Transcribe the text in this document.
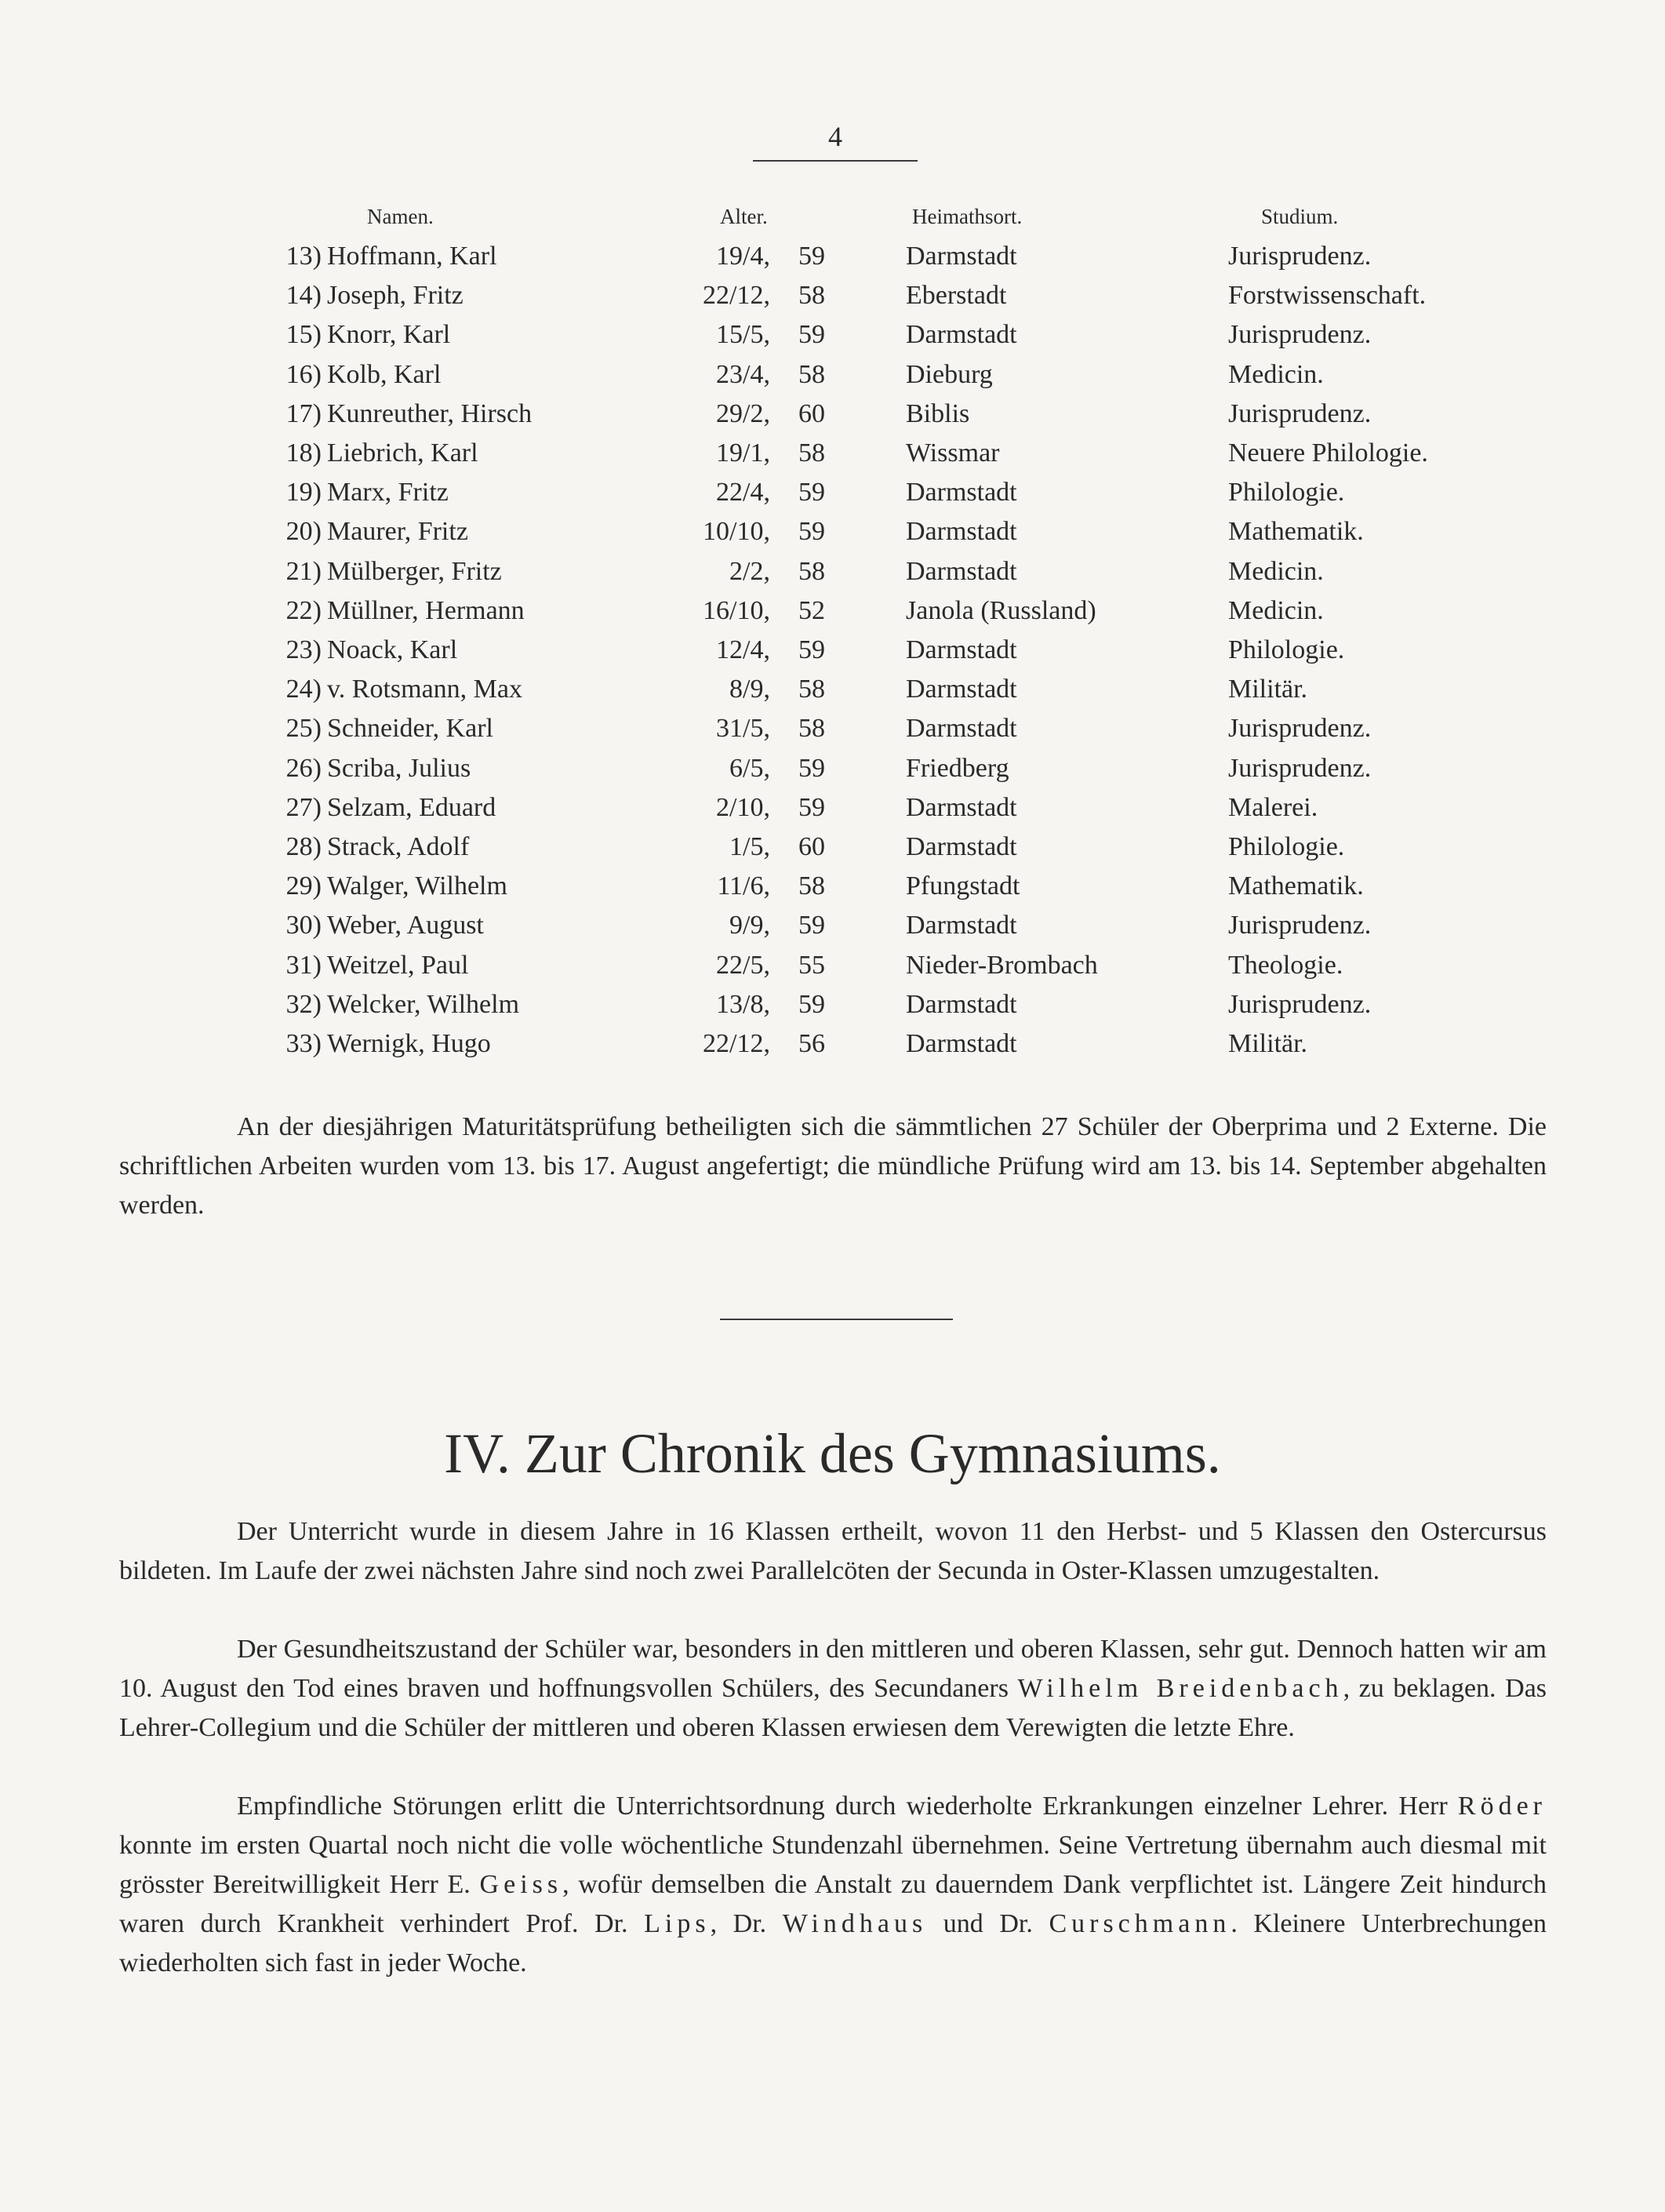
4
Namen.	Alter.	Heimathsort.	Studium.
13) Hoffmann, Karl	19/4,	59	Darmstadt	Jurisprudenz.
14) Joseph, Fritz	22/12,	58	Eberstadt	Forstwissenschaft.
15) Knorr, Karl	15/5,	59	Darmstadt	Jurisprudenz.
16) Kolb, Karl	23/4,	58	Dieburg	Medicin.
17) Kunreuther, Hirsch	29/2,	60	Biblis	Jurisprudenz.
18) Liebrich, Karl	19/1,	58	Wissmar	Neuere Philologie.
19) Marx, Fritz	22/4,	59	Darmstadt	Philologie.
20) Maurer, Fritz	10/10,	59	Darmstadt	Mathematik.
21) Mülberger, Fritz	2/2,	58	Darmstadt	Medicin.
22) Müllner, Hermann	16/10,	52	Janola (Russland)	Medicin.
23) Noack, Karl	12/4,	59	Darmstadt	Philologie.
24) v. Rotsmann, Max	8/9,	58	Darmstadt	Militär.
25) Schneider, Karl	31/5,	58	Darmstadt	Jurisprudenz.
26) Scriba, Julius	6/5,	59	Friedberg	Jurisprudenz.
27) Selzam, Eduard	2/10,	59	Darmstadt	Malerei.
28) Strack, Adolf	1/5,	60	Darmstadt	Philologie.
29) Walger, Wilhelm	11/6,	58	Pfungstadt	Mathematik.
30) Weber, August	9/9,	59	Darmstadt	Jurisprudenz.
31) Weitzel, Paul	22/5,	55	Nieder-Brombach	Theologie.
32) Welcker, Wilhelm	13/8,	59	Darmstadt	Jurisprudenz.
33) Wernigk, Hugo	22/12,	56	Darmstadt	Militär.

An der diesjährigen Maturitätsprüfung betheiligten sich die sämmtlichen 27 Schüler der Oberprima und 2 Externe. Die schriftlichen Arbeiten wurden vom 13. bis 17. August angefertigt; die mündliche Prüfung wird am 13. bis 14. September abgehalten werden.

IV. Zur Chronik des Gymnasiums.

Der Unterricht wurde in diesem Jahre in 16 Klassen ertheilt, wovon 11 den Herbst- und 5 Klassen den Ostercursus bildeten. Im Laufe der zwei nächsten Jahre sind noch zwei Parallelcöten der Secunda in Oster-Klassen umzugestalten.

Der Gesundheitszustand der Schüler war, besonders in den mittleren und oberen Klassen, sehr gut. Dennoch hatten wir am 10. August den Tod eines braven und hoffnungsvollen Schülers, des Secundaners Wilhelm Breidenbach, zu beklagen. Das Lehrer-Collegium und die Schüler der mittleren und oberen Klassen erwiesen dem Verewigten die letzte Ehre.

Empfindliche Störungen erlitt die Unterrichtsordnung durch wiederholte Erkrankungen einzelner Lehrer. Herr Röder konnte im ersten Quartal noch nicht die volle wöchentliche Stundenzahl übernehmen. Seine Vertretung übernahm auch diesmal mit grösster Bereitwilligkeit Herr E. Geiss, wofür demselben die Anstalt zu dauerndem Dank verpflichtet ist. Längere Zeit hindurch waren durch Krankheit verhindert Prof. Dr. Lips, Dr. Windhaus und Dr. Curschmann. Kleinere Unterbrechungen wiederholten sich fast in jeder Woche.
